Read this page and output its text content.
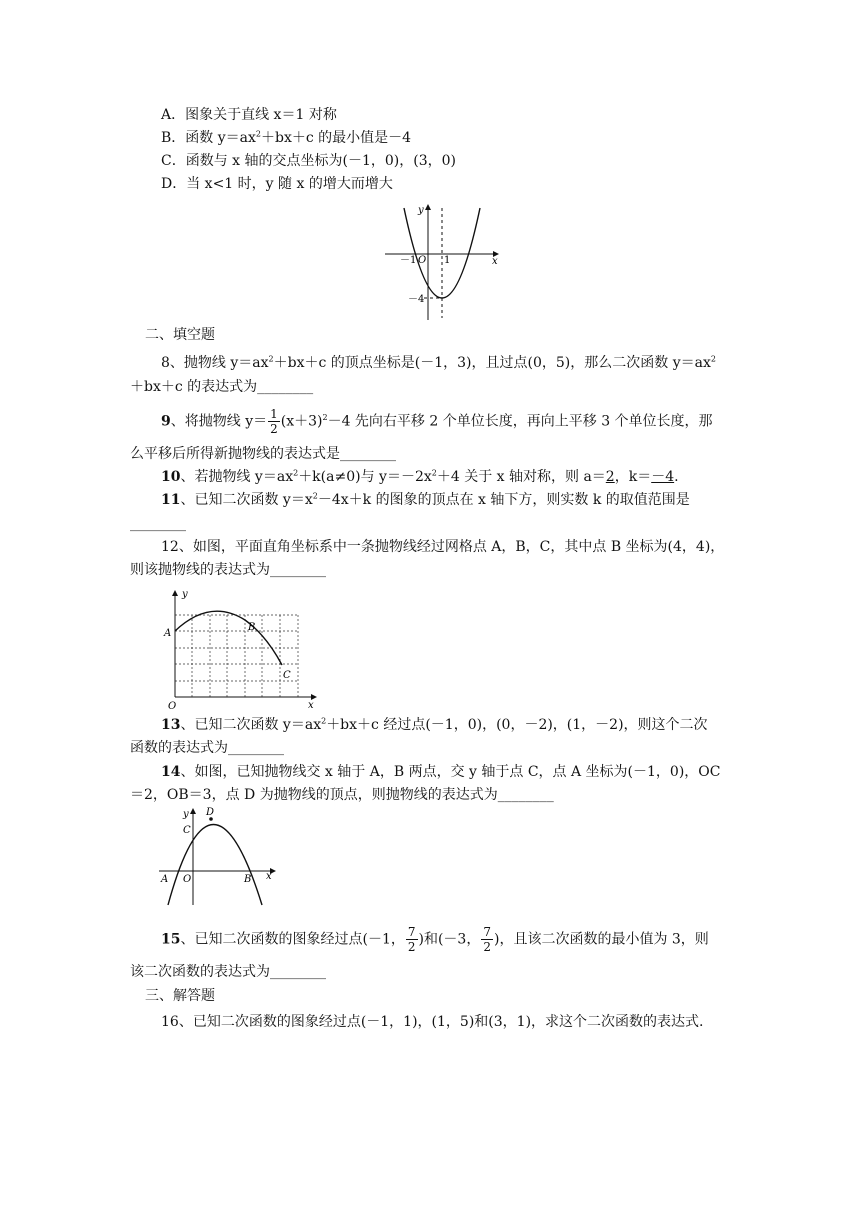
A．图象关于直线 x＝1 对称
B．函数 $y=ax^2+bx+c$ 的最小值是－4
C．函数与 x 轴的交点坐标为(－1，0)，(3，0)
D．当 x<1 时，y 随 x 的增大而增大
y
x
O
－1	1
－4
二、填空题
8、抛物线 $y=ax^2+bx+c$ 的顶点坐标是(－1，3)，且过点(0，5)，那么二次函数 $y=ax^2$
＋bx＋c 的表达式为________
9、将抛物线 $y= \frac{1}{2} (x+3)^2-4$ 先向右平移 2 个单位长度，再向上平移 3 个单位长度，那
么平移后所得新抛物线的表达式是________
10、若抛物线 $y=ax^2+k(a\ne 0)$与 $y=-2x^2+4$ 关于 x 轴对称，则 a＝2，k＝－4.
11、已知二次函数 $y=x^2-4x+k$ 的图象的顶点在 x 轴下方，则实数 k 的取值范围是
________
12、如图，平面直角坐标系中一条抛物线经过网格点 A，B，C，其中点 B 坐标为(4，4)，
则该抛物线的表达式为________
y
x
O
A
B
C
13、已知二次函数 $y=ax^2+bx+c$ 经过点(－1，0)，(0，－2)，(1，－2)，则这个二次
函数的表达式为________
14、如图，已知抛物线交 x 轴于 A，B 两点，交 y 轴于点 C，点 A 坐标为(－1，0)，OC
＝2，OB＝3，点 D 为抛物线的顶点，则抛物线的表达式为________
y
x
O
A	B
C
D
15、已知二次函数的图象经过点(－1， $\frac{7}{2}$ )和(－3， $\frac{7}{2}$ )，且该二次函数的最小值为 3，则
该二次函数的表达式为________
三、解答题
16、已知二次函数的图象经过点(－1，1)，(1，5)和(3，1)，求这个二次函数的表达式.
